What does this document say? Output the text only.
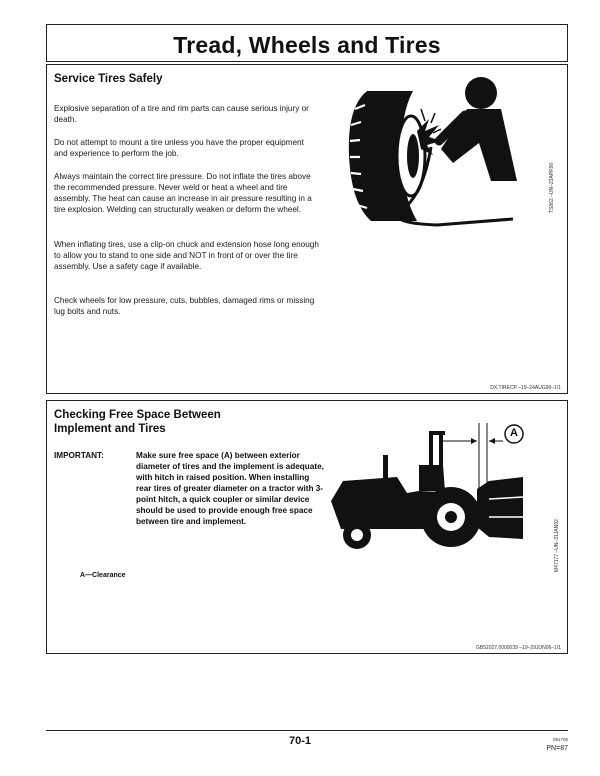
Tread, Wheels and Tires
Service Tires Safely

Explosive separation of a tire and rim parts can cause serious injury or death.

Do not attempt to mount a tire unless you have the proper equipment and experience to perform the job.

Always maintain the correct tire pressure. Do not inflate the tires above the recommended pressure. Never weld or heat a wheel and tire assembly. The heat can cause an increase in air pressure resulting in a tire explosion. Welding can structurally weaken or deform the wheel.

When inflating tires, use a clip-on chuck and extension hose long enough to allow you to stand to one side and NOT in front of or over the tire assembly. Use a safety cage if available.

Check wheels for low pressure, cuts, bubbles, damaged rims or missing lug bolts and nuts.

TS862 –UN–23APR90
DX,TIRECP –19–24AUG90–1/1
Checking Free Space Between Implement and Tires
IMPORTANT:	Make sure free space (A) between exterior diameter of tires and the implement is adequate, with hitch in raised position. When installing rear tires of greater diameter on a tractor with 3-point hitch, a quick coupler or similar device should be used to provide enough free space between tire and implement.

A—Clearance
A
M47177 –UN–31JAN92
GB52027,0000039 –19–29JUN06–1/1
70-1	081706
PN=87
